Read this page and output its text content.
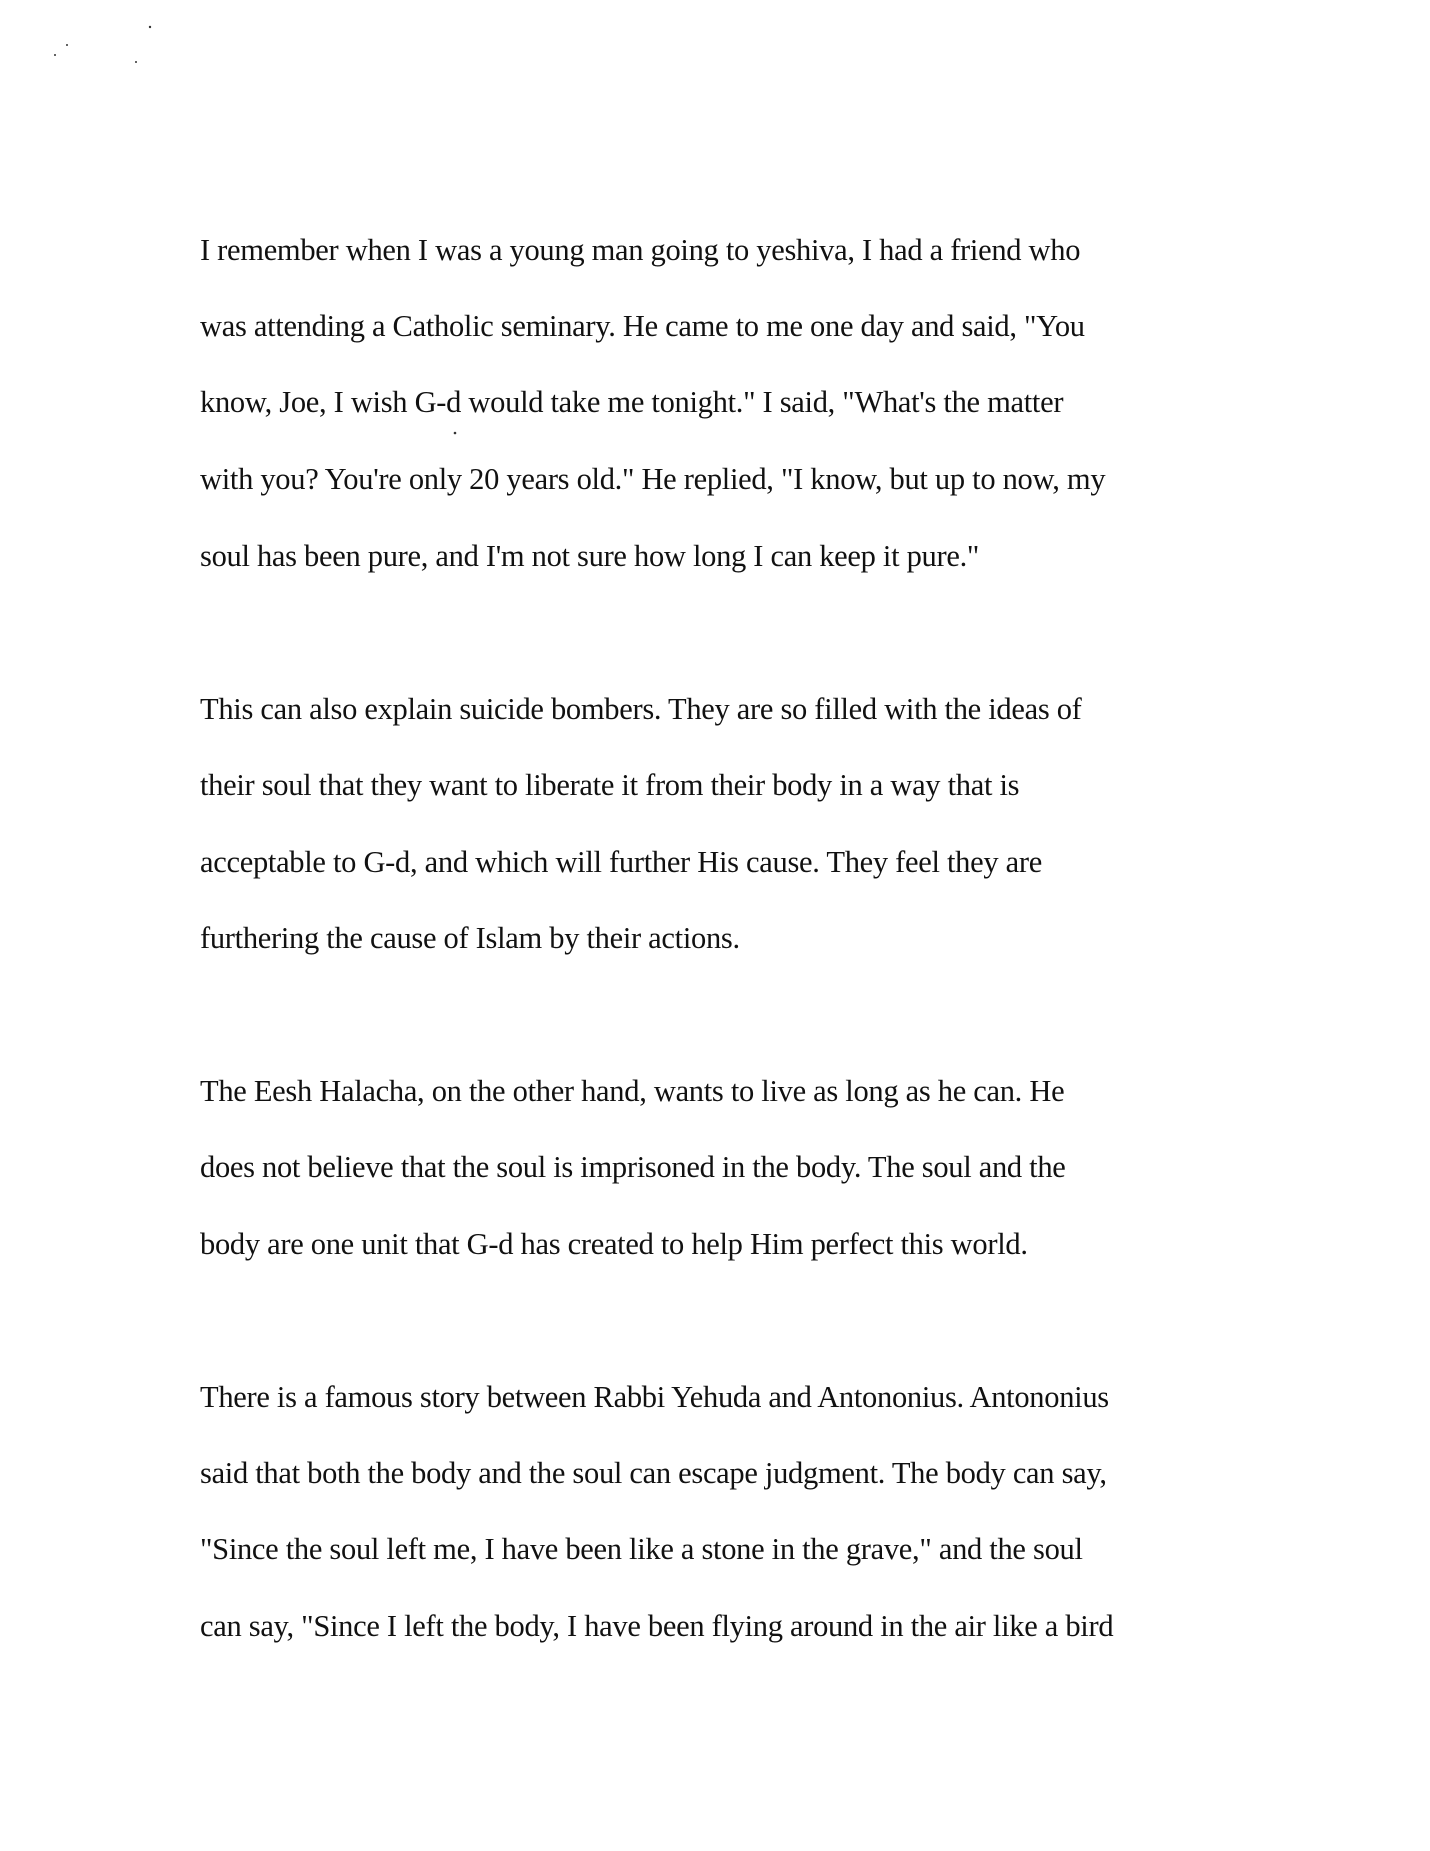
I remember when I was a young man going to yeshiva, I had a friend who

was attending a Catholic seminary. He came to me one day and said, "You

know, Joe, I wish G-d would take me tonight." I said, "What's the matter

with you? You're only 20 years old." He replied, "I know, but up to now, my

soul has been pure, and I'm not sure how long I can keep it pure."

This can also explain suicide bombers. They are so filled with the ideas of

their soul that they want to liberate it from their body in a way that is

acceptable to G-d, and which will further His cause. They feel they are

furthering the cause of Islam by their actions.

The Eesh Halacha, on the other hand, wants to live as long as he can. He

does not believe that the soul is imprisoned in the body. The soul and the

body are one unit that G-d has created to help Him perfect this world.

There is a famous story between Rabbi Yehuda and Antononius. Antononius

said that both the body and the soul can escape judgment. The body can say,

"Since the soul left me, I have been like a stone in the grave," and the soul

can say, "Since I left the body, I have been flying around in the air like a bird
